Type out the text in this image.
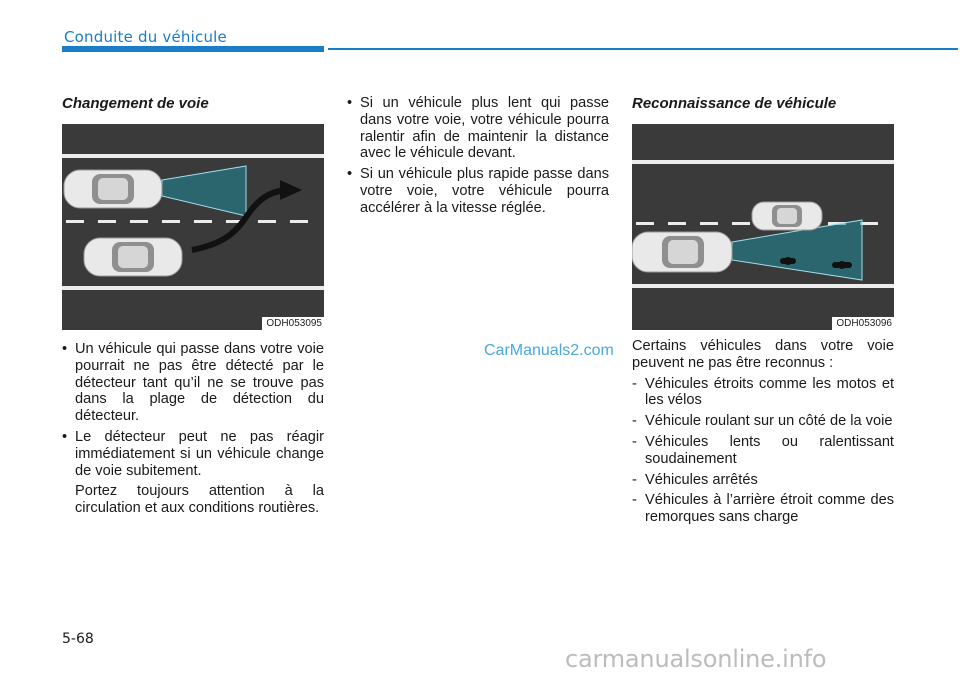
Conduite du véhicule
Changement de voie
ODH053095
• Un véhicule qui passe dans votre voie pourrait ne pas être détecté par le détecteur tant qu’il ne se trouve pas dans la plage de détection du détecteur.
• Le détecteur peut ne pas réagir immédiatement si un véhicule change de voie subitement.

Portez toujours attention à la circulation et aux conditions routières.

• Si un véhicule plus lent qui passe dans votre voie, votre véhicule pourra ralentir afin de maintenir la distance avec le véhicule devant.
• Si un véhicule plus rapide passe dans votre voie, votre véhicule pourra accélérer à la vitesse réglée.
CarManuals2.com
Reconnaissance de véhicule
ODH053096

Certains véhicules dans votre voie peuvent ne pas être reconnus :

- Véhicules étroits comme les motos et les vélos
- Véhicule roulant sur un côté de la voie
- Véhicules lents ou ralentissant soudainement
- Véhicules arrêtés
- Véhicules à l’arrière étroit comme des remorques sans charge
5-68
carmanualsonline.info
